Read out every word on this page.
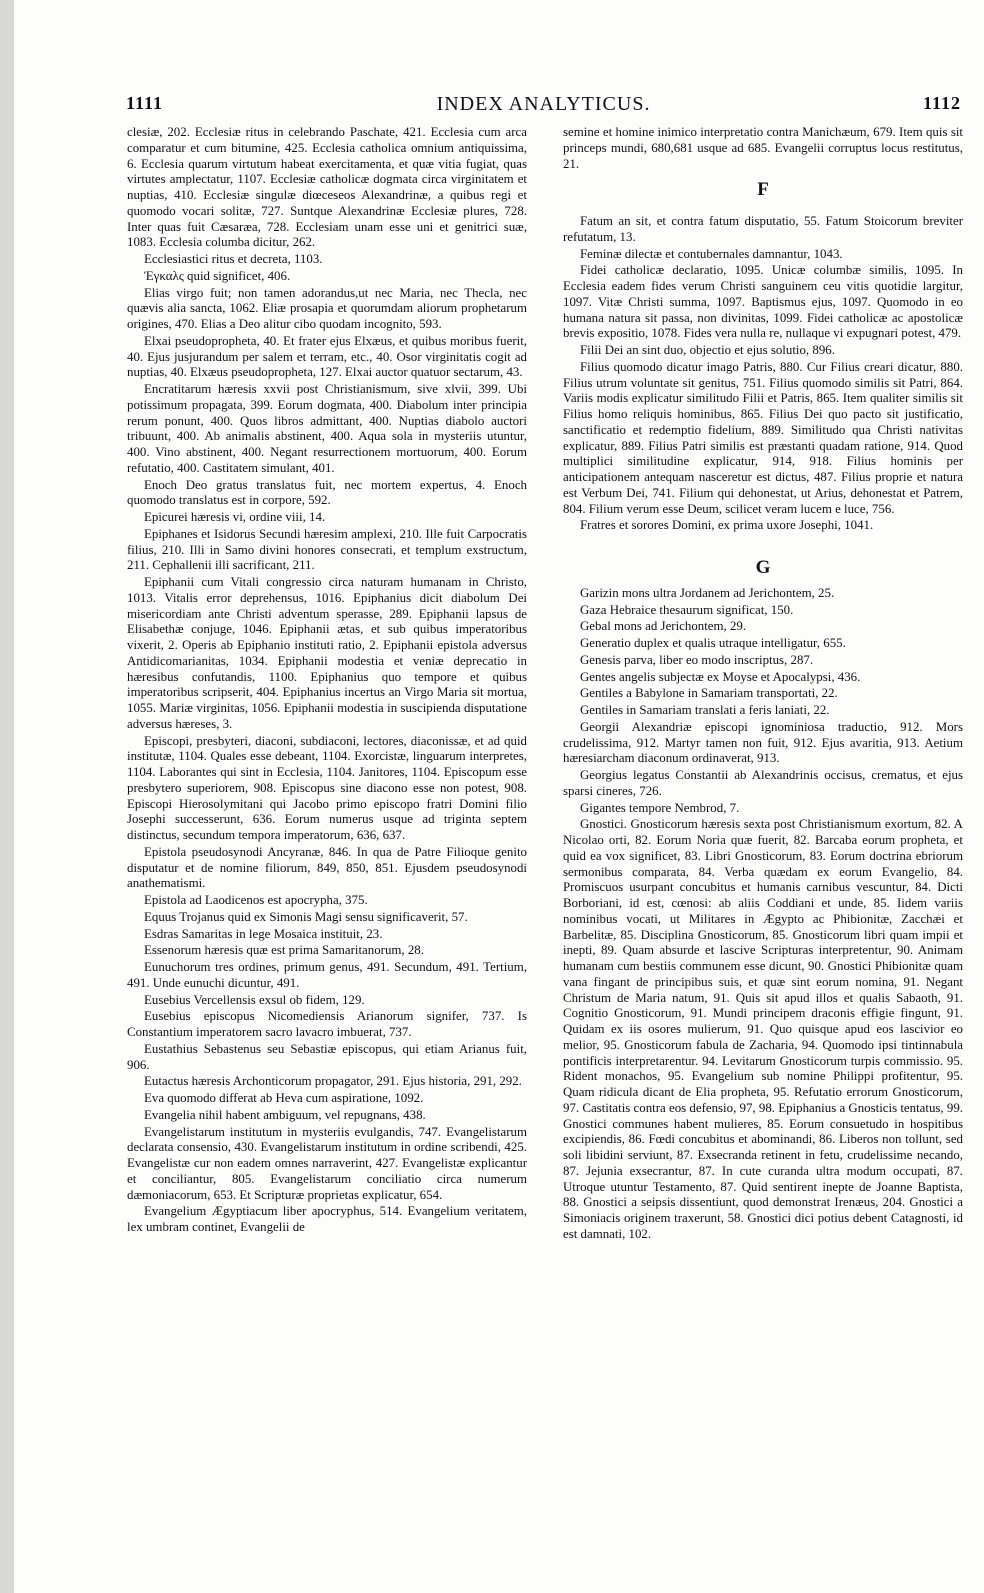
1111	INDEX ANALYTICUS.	1112

clesiæ, 202. Ecclesiæ ritus in celebrando Paschate, 421. Ecclesia cum arca comparatur et cum bitumine, 425. Ecclesia catholica omnium antiquissima, 6. Ecclesia quarum virtutum habeat exercitamenta, et quæ vitia fugiat, quas virtutes amplectatur, 1107. Ecclesiæ catholicæ dogmata circa virginitatem et nuptias, 410. Ecclesiæ singulæ diœceseos Alexandrinæ, a quibus regi et quomodo vocari solitæ, 727. Suntque Alexandrinæ Ecclesiæ plures, 728. Inter quas fuit Cæsaræa, 728. Ecclesiam unam esse uni et genitrici suæ, 1083. Ecclesia columba dicitur, 262.

Ecclesiastici ritus et decreta, 1103.

Ἐγκαλς quid significet, 406.

Elias virgo fuit; non tamen adorandus,ut nec Maria, nec Thecla, nec quævis alia sancta, 1062. Eliæ prosapia et quorumdam aliorum prophetarum origines, 470. Elias a Deo alitur cibo quodam incognito, 593.

Elxai pseudopropheta, 40. Et frater ejus Elxæus, et quibus moribus fuerit, 40. Ejus jusjurandum per salem et terram, etc., 40. Osor virginitatis cogit ad nuptias, 40. Elxæus pseudopropheta, 127. Elxai auctor quatuor sectarum, 43.

Encratitarum hæresis xxvii post Christianismum, sive xlvii, 399. Ubi potissimum propagata, 399. Eorum dogmata, 400. Diabolum inter principia rerum ponunt, 400. Quos libros admittant, 400. Nuptias diabolo auctori tribuunt, 400. Ab animalis abstinent, 400. Aqua sola in mysteriis utuntur, 400. Vino abstinent, 400. Negant resurrectionem mortuorum, 400. Eorum refutatio, 400. Castitatem simulant, 401.

Enoch Deo gratus translatus fuit, nec mortem expertus, 4. Enoch quomodo translatus est in corpore, 592.

Epicurei hæresis vi, ordine viii, 14.

Epiphanes et Isidorus Secundi hæresim amplexi, 210. Ille fuit Carpocratis filius, 210. Illi in Samo divini honores consecrati, et templum exstructum, 211. Cephallenii illi sacrificant, 211.

Epiphanii cum Vitali congressio circa naturam humanam in Christo, 1013. Vitalis error deprehensus, 1016. Epiphanius dicit diabolum Dei misericordiam ante Christi adventum sperasse, 289. Epiphanii lapsus de Elisabethæ conjuge, 1046. Epiphanii ætas, et sub quibus imperatoribus vixerit, 2. Operis ab Epiphanio instituti ratio, 2. Epiphanii epistola adversus Antidicomarianitas, 1034. Epiphanii modestia et veniæ deprecatio in hæresibus confutandis, 1100. Epiphanius quo tempore et quibus imperatoribus scripserit, 404. Epiphanius incertus an Virgo Maria sit mortua, 1055. Mariæ virginitas, 1056. Epiphanii modestia in suscipienda disputatione adversus hæreses, 3.

Episcopi, presbyteri, diaconi, subdiaconi, lectores, diaconissæ, et ad quid institutæ, 1104. Quales esse debeant, 1104. Exorcistæ, linguarum interpretes, 1104. Laborantes qui sint in Ecclesia, 1104. Janitores, 1104. Episcopum esse presbytero superiorem, 908. Episcopus sine diacono esse non potest, 908. Episcopi Hierosolymitani qui Jacobo primo episcopo fratri Domini filio Josephi successerunt, 636. Eorum numerus usque ad triginta septem distinctus, secundum tempora imperatorum, 636, 637.

Epistola pseudosynodi Ancyranæ, 846. In qua de Patre Filioque genito disputatur et de nomine filiorum, 849, 850, 851. Ejusdem pseudosynodi anathematismi.

Epistola ad Laodicenos est apocrypha, 375.

Equus Trojanus quid ex Simonis Magi sensu significaverit, 57.

Esdras Samaritas in lege Mosaica instituit, 23.

Essenorum hæresis quæ est prima Samaritanorum, 28.

Eunuchorum tres ordines, primum genus, 491. Secundum, 491. Tertium, 491. Unde eunuchi dicuntur, 491.

Eusebius Vercellensis exsul ob fidem, 129.

Eusebius episcopus Nicomediensis Arianorum signifer, 737. Is Constantium imperatorem sacro lavacro imbuerat, 737.

Eustathius Sebastenus seu Sebastiæ episcopus, qui etiam Arianus fuit, 906.

Eutactus hæresis Archonticorum propagator, 291. Ejus historia, 291, 292.

Eva quomodo differat ab Heva cum aspiratione, 1092.

Evangelia nihil habent ambiguum, vel repugnans, 438.

Evangelistarum institutum in mysteriis evulgandis, 747. Evangelistarum declarata consensio, 430. Evangelistarum institutum in ordine scribendi, 425. Evangelistæ cur non eadem omnes narraverint, 427. Evangelistæ explicantur et conciliantur, 805. Evangelistarum conciliatio circa numerum dæmoniacorum, 653. Et Scripturæ proprietas explicatur, 654.

Evangelium Ægyptiacum liber apocryphus, 514. Evangelium veritatem, lex umbram continet, Evangelii de

semine et homine inimico interpretatio contra Manichæum, 679. Item quis sit princeps mundi, 680,681 usque ad 685. Evangelii corruptus locus restitutus, 21.

F

Fatum an sit, et contra fatum disputatio, 55. Fatum Stoicorum breviter refutatum, 13.

Feminæ dilectæ et contubernales damnantur, 1043.

Fidei catholicæ declaratio, 1095. Unicæ columbæ similis, 1095. In Ecclesia eadem fides verum Christi sanguinem ceu vitis quotidie largitur, 1097. Vitæ Christi summa, 1097. Baptismus ejus, 1097. Quomodo in eo humana natura sit passa, non divinitas, 1099. Fidei catholicæ ac apostolicæ brevis expositio, 1078. Fides vera nulla re, nullaque vi expugnari potest, 479.

Filii Dei an sint duo, objectio et ejus solutio, 896.

Filius quomodo dicatur imago Patris, 880. Cur Filius creari dicatur, 880. Filius utrum voluntate sit genitus, 751. Filius quomodo similis sit Patri, 864. Variis modis explicatur similitudo Filii et Patris, 865. Item qualiter similis sit Filius homo reliquis hominibus, 865. Filius Dei quo pacto sit justificatio, sanctificatio et redemptio fidelium, 889. Similitudo qua Christi nativitas explicatur, 889. Filius Patri similis est præstanti quadam ratione, 914. Quod multiplici similitudine explicatur, 914, 918. Filius hominis per anticipationem antequam nasceretur est dictus, 487. Filius proprie et natura est Verbum Dei, 741. Filium qui dehonestat, ut Arius, dehonestat et Patrem, 804. Filium verum esse Deum, scilicet veram lucem e luce, 756.

Fratres et sorores Domini, ex prima uxore Josephi, 1041.

G

Garizin mons ultra Jordanem ad Jerichontem, 25.

Gaza Hebraice thesaurum significat, 150.

Gebal mons ad Jerichontem, 29.

Generatio duplex et qualis utraque intelligatur, 655.

Genesis parva, liber eo modo inscriptus, 287.

Gentes angelis subjectæ ex Moyse et Apocalypsi, 436.

Gentiles a Babylone in Samariam transportati, 22.

Gentiles in Samariam translati a feris laniati, 22.

Georgii Alexandriæ episcopi ignominiosa traductio, 912. Mors crudelissima, 912. Martyr tamen non fuit, 912. Ejus avaritia, 913. Aetium hæresiarcham diaconum ordinaverat, 913.

Georgius legatus Constantii ab Alexandrinis occisus, crematus, et ejus sparsi cineres, 726.

Gigantes tempore Nembrod, 7.

Gnostici. Gnosticorum hæresis sexta post Christianismum exortum, 82. A Nicolao orti, 82. Eorum Noria quæ fuerit, 82. Barcaba eorum propheta, et quid ea vox significet, 83. Libri Gnosticorum, 83. Eorum doctrina ebriorum sermonibus comparata, 84. Verba quædam ex eorum Evangelio, 84. Promiscuos usurpant concubitus et humanis carnibus vescuntur, 84. Dicti Borboriani, id est, cœnosi: ab aliis Coddiani et unde, 85. Iidem variis nominibus vocati, ut Militares in Ægypto ac Phibionitæ, Zacchæi et Barbelitæ, 85. Disciplina Gnosticorum, 85. Gnosticorum libri quam impii et inepti, 89. Quam absurde et lascive Scripturas interpretentur, 90. Animam humanam cum bestiis communem esse dicunt, 90. Gnostici Phibionitæ quam vana fingant de principibus suis, et quæ sint eorum nomina, 91. Negant Christum de Maria natum, 91. Quis sit apud illos et qualis Sabaoth, 91. Cognitio Gnosticorum, 91. Mundi principem draconis effigie fingunt, 91. Quidam ex iis osores mulierum, 91. Quo quisque apud eos lascivior eo melior, 95. Gnosticorum fabula de Zacharia, 94. Quomodo ipsi tintinnabula pontificis interpretarentur. 94. Levitarum Gnosticorum turpis commissio. 95. Rident monachos, 95. Evangelium sub nomine Philippi profitentur, 95. Quam ridicula dicant de Elia propheta, 95. Refutatio errorum Gnosticorum, 97. Castitatis contra eos defensio, 97, 98. Epiphanius a Gnosticis tentatus, 99. Gnostici communes habent mulieres, 85. Eorum consuetudo in hospitibus excipiendis, 86. Fœdi concubitus et abominandi, 86. Liberos non tollunt, sed soli libidini serviunt, 87. Exsecranda retinent in fetu, crudelissime necando, 87. Jejunia exsecrantur, 87. In cute curanda ultra modum occupati, 87. Utroque utuntur Testamento, 87. Quid sentirent inepte de Joanne Baptista, 88. Gnostici a seipsis dissentiunt, quod demonstrat Irenæus, 204. Gnostici a Simoniacis originem traxerunt, 58. Gnostici dici potius debent Catagnosti, id est damnati, 102.
